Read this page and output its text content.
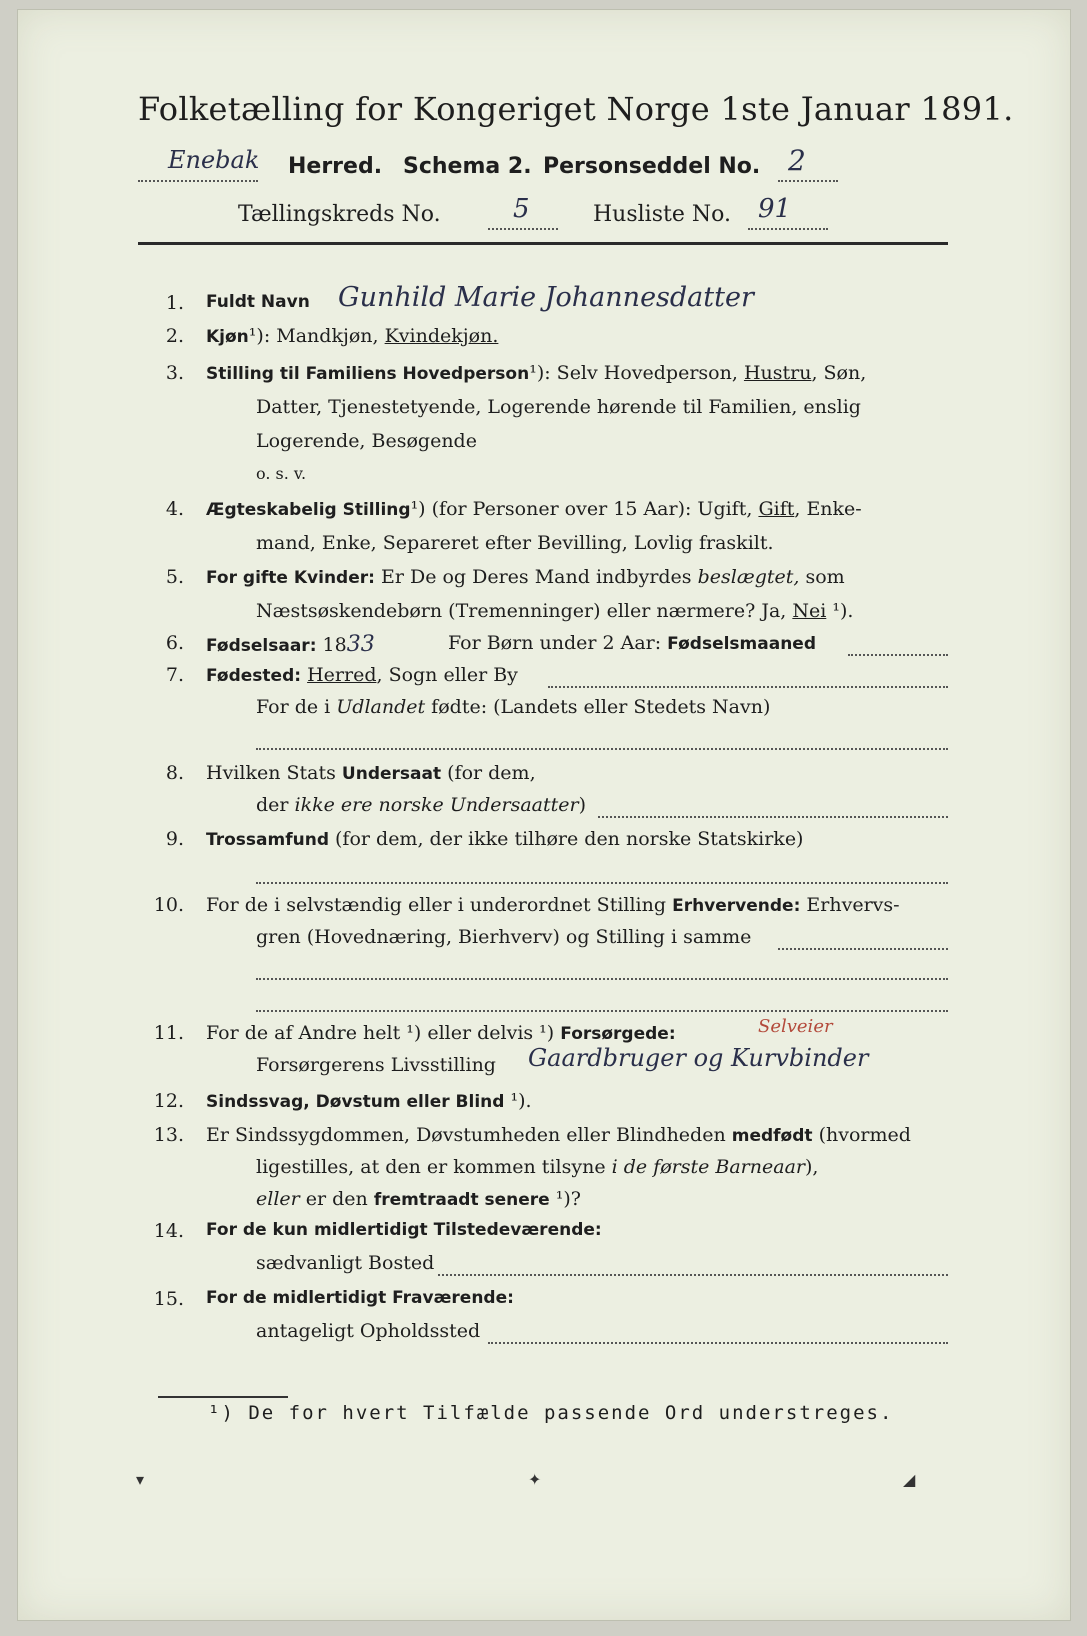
Folketælling for Kongeriget Norge 1ste Januar 1891.
Enebak Herred. Schema 2. Personseddel No. 2
Tællingskreds No.	5	Husliste No. 91
1. Fuldt Navn Gunhild Marie Johannesdatter
2. Kjøn¹): Mandkjøn, Kvindekjøn.
3. Stilling til Familiens Hovedperson¹): Selv Hovedperson, Hustru, Søn,
Datter, Tjenestetyende, Logerende hørende til Familien, enslig
Logerende, Besøgende
o. s. v.
4. Ægteskabelig Stilling¹) (for Personer over 15 Aar): Ugift, Gift, Enke-
mand, Enke, Separeret efter Bevilling, Lovlig fraskilt.
5. For gifte Kvinder: Er De og Deres Mand indbyrdes beslægtet, som
Næstsøskendebørn (Tremenninger) eller nærmere? Ja, Nei ¹).
6. Fødselsaar: 1833	For Børn under 2 Aar: Fødselsmaaned
7. Fødested: Herred, Sogn eller By
For de i Udlandet fødte: (Landets eller Stedets Navn)
8. Hvilken Stats Undersaat (for dem,
der ikke ere norske Undersaatter)
9. Trossamfund (for dem, der ikke tilhøre den norske Statskirke)
10. For de i selvstændig eller i underordnet Stilling Erhvervende: Erhvervs-
gren (Hovednæring, Bierhverv) og Stilling i samme
11. For de af Andre helt ¹) eller delvis ¹) Forsørgede:	Selveier
Forsørgerens Livsstilling Gaardbruger og Kurvbinder
12. Sindssvag, Døvstum eller Blind ¹).
13. Er Sindssygdommen, Døvstumheden eller Blindheden medfødt (hvormed
ligestilles, at den er kommen tilsyne i de første Barneaar),
eller er den fremtraadt senere ¹)?
14. For de kun midlertidigt Tilstedeværende:
sædvanligt Bosted
15. For de midlertidigt Fraværende:
antageligt Opholdssted
¹) De for hvert Tilfælde passende Ord understreges.
▾	✦	◢
